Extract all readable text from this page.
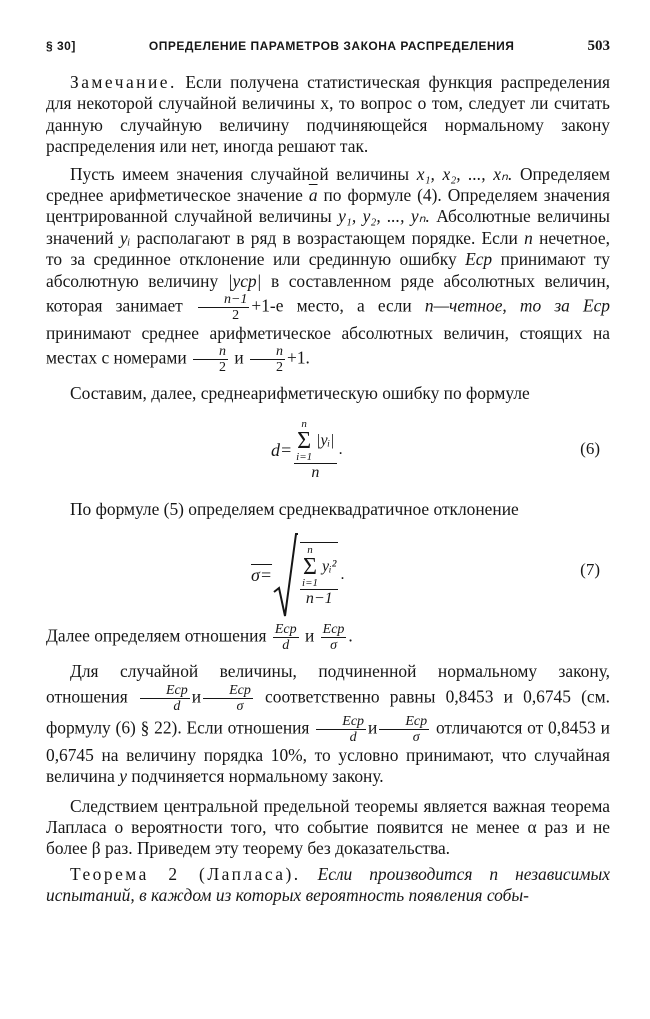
§ 30]	ОПРЕДЕЛЕНИЕ ПАРАМЕТРОВ ЗАКОНА РАСПРЕДЕЛЕНИЯ	503

Замечание. Если получена статистическая функция распределения для некоторой случайной величины x, то вопрос о том, следует ли считать данную случайную величину подчиняющейся нормальному закону распределения или нет, иногда решают так.

Пусть имеем значения случайной величины x₁, x₂, ..., xₙ. Определяем среднее арифметическое значение $\overline{a}$ по формуле (4). Определяем значения центрированной случайной величины y₁, y₂, ..., yₙ. Абсолютные величины значений yᵢ располагают в ряд в возрастающем порядке. Если n нечетное, то за срединное отклонение или срединную ошибку Eср принимают ту абсолютную величину |yср| в составленном ряде абсолютных величин, которая занимает $\frac{n-1}{2} +1-е$ место, а если n—четное, то за Eср принимают среднее арифметическое абсолютных величин, стоящих на местах с номерами $\frac{n}{2}$ и $\frac{n}{2} +1$.

Составим, далее, среднеарифметическую ошибку по формуле

d= n
Σ
i=1
|yᵢ|
n .	(6)

По формуле (5) определяем среднеквадратичное отклонение

σ=	n
Σ
i=1
yᵢ²
n−1 .	(7)

Далее определяем отношения $\frac{\text{Eср}}{d}$ и $\frac{\text{Eср}}{\sigma}$ .

Для случайной величины, подчиненной нормальному закону, отношения $\frac{\text{Eср}}{d}$ и $\frac{\text{Eср}}{\sigma}$ соответственно равны 0,8453 и 0,6745 (см. формулу (6) § 22). Если отношения $\frac{\text{Eср}}{d}$ и $\frac{\text{Eср}}{\sigma}$ отличаются от 0,8453 и 0,6745 на величину порядка 10%, то условно принимают, что случайная величина y подчиняется нормальному закону.

Следствием центральной предельной теоремы является важная теорема Лапласа о вероятности того, что событие появится не менее α раз и не более β раз. Приведем эту теорему без доказательства.

Теорема 2 (Лапласа). Если производится n независимых испытаний, в каждом из которых вероятность появления собы-
